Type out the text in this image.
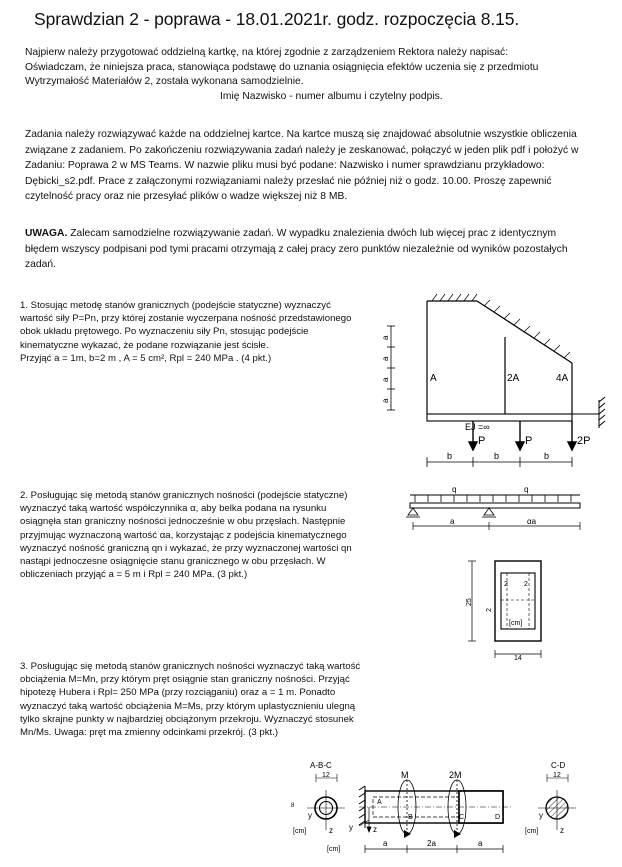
Sprawdzian 2 - poprawa - 18.01.2021r. godz. rozpoczęcia 8.15.
Najpierw należy przygotować oddzielną kartkę, na której zgodnie z zarządzeniem Rektora należy napisać:
Oświadczam, że niniejsza praca, stanowiąca podstawę do uznania osiągnięcia efektów uczenia się z przedmiotu
Wytrzymałość Materiałów 2, została wykonana samodzielnie.
Imię Nazwisko - numer albumu i czytelny podpis.
Zadania należy rozwiązywać każde na oddzielnej kartce. Na kartce muszą się znajdować absolutnie wszystkie obliczenia
związane z zadaniem. Po zakończeniu rozwiązywania zadań należy je zeskanować, połączyć w jeden plik pdf i położyć w
Zadaniu: Poprawa 2 w MS Teams. W nazwie pliku musi być podane: Nazwisko i numer sprawdzianu przykładowo:
Dębicki_s2.pdf. Prace z załączonymi rozwiązaniami należy przesłać nie później niż o godz. 10.00. Proszę zapewnić
czytelność pracy oraz nie przesyłać plików o wadze większej niż 8 MB.
UWAGA. Zalecam samodzielne rozwiązywanie zadań. W wypadku znalezienia dwóch lub więcej prac z identycznym
błędem wszyscy podpisani pod tymi pracami otrzymają z całej pracy zero punktów niezależnie od wyników pozostałych
zadań.
1. Stosując metodę stanów granicznych (podejście statyczne) wyznaczyć
wartość siły P=Pn, przy której zostanie wyczerpana nośność przedstawionego
obok układu prętowego. Po wyznaczeniu siły Pn, stosując podejście
kinematyczne wykazać, że podane rozwiązanie jest ścisłe.
Przyjąć a = 1m, b=2 m , A = 5 cm², Rpl = 240 MPa . (4 pkt.)
A	2A	4A
a
a
a
a
EJ =∞
P	P	2P
b	b	b
2. Posługując się metodą stanów granicznych nośności (podejście statyczne)
wyznaczyć taką wartość współczynnika α, aby belka podana na rysunku
osiągnęła stan graniczny nośności jednocześnie w obu przęsłach. Następnie
przyjmując wyznaczoną wartość αa, korzystając z podejścia kinematycznego
wyznaczyć nośność graniczną qn i wykazać, że przy wyznaczonej wartości qn
nastąpi jednoczesne osiągnięcie stanu granicznego w obu przęsłach. W
obliczeniach przyjąć a = 5 m i Rpl = 240 MPa. (3 pkt.)
q	q
a	αa
2 2
2
[cm]
25
14
3. Posługując się metodą stanów granicznych nośności wyznaczyć taką wartość
obciążenia M=Mn, przy którym pręt osiągnie stan graniczny nośności. Przyjąć
hipotezę Hubera i Rpl= 250 MPa (przy rozciąganiu) oraz a = 1 m. Ponadto
wyznaczyć taką wartość obciążenia M=Ms, przy którym uplastycznieniu ulegną
tylko skrajne punkty w najbardziej obciążonym przekroju. Wyznaczyć stosunek
Mn/Ms. Uwaga: pręt ma zmienny odcinkami przekrój. (3 pkt.)
A-B-C
12
8
y
z
[cm]
M	2M
A
B	C	D
z
y
x
a	2a	a
[cm]
C-D
12
y
z
[cm]
